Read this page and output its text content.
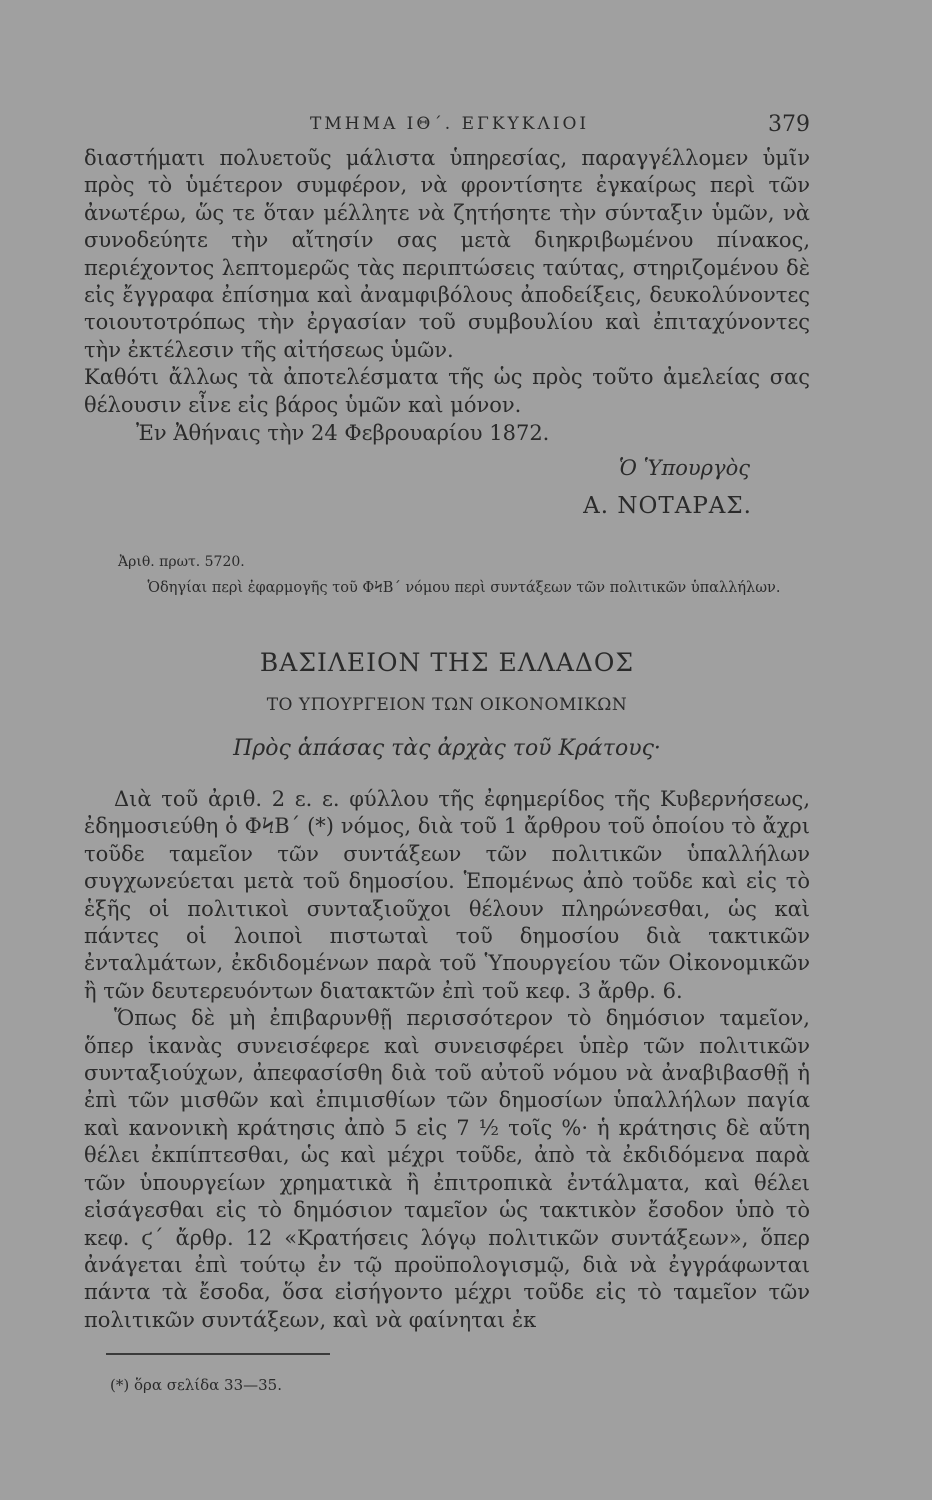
ΤΜΗΜΑ ΙΘ΄. ΕΓΚΥΚΛΙΟΙ	379

διαστήματι πολυετοῦς μάλιστα ὑπηρεσίας, παραγγέλλομεν ὑμῖν πρὸς τὸ ὑμέτερον συμφέρον, νὰ φροντίσητε ἐγκαίρως περὶ τῶν ἀνωτέρω, ὥς τε ὅταν μέλλητε νὰ ζητήσητε τὴν σύνταξιν ὑμῶν, νὰ συνοδεύητε τὴν αἴτησίν σας μετὰ διηκριβωμένου πίνακος, περιέχοντος λεπτομερῶς τὰς περιπτώσεις ταύτας, στηριζομένου δὲ εἰς ἔγγραφα ἐπίσημα καὶ ἀναμφιβόλους ἀποδείξεις, δευκολύνοντες τοιουτοτρόπως τὴν ἐργασίαν τοῦ συμβουλίου καὶ ἐπιταχύνοντες τὴν ἐκτέλεσιν τῆς αἰτήσεως ὑμῶν.

Καθότι ἄλλως τὰ ἀποτελέσματα τῆς ὡς πρὸς τοῦτο ἀμελείας σας θέλουσιν εἶνε εἰς βάρος ὑμῶν καὶ μόνον.

Ἐν Ἀθήναις τὴν 24 Φεβρουαρίου 1872.
Ὁ Ὑπουργὸς
Α. ΝΟΤΑΡΑΣ.
Ἀριθ. πρωτ. 5720.
Ὁδηγίαι περὶ ἐφαρμογῆς τοῦ ΦϞΒ΄ νόμου περὶ συντάξεων τῶν πολιτικῶν ὑπαλλήλων.
ΒΑΣΙΛΕΙΟΝ ΤΗΣ ΕΛΛΑΔΟΣ
ΤΟ ΥΠΟΥΡΓΕΙΟΝ ΤΩΝ ΟΙΚΟΝΟΜΙΚΩΝ
Πρὸς ἁπάσας τὰς ἀρχὰς τοῦ Κράτους·

Διὰ τοῦ ἀριθ. 2 ε. ε. φύλλου τῆς ἐφημερίδος τῆς Κυβερνήσεως, ἐδημοσιεύθη ὁ ΦϞΒ΄ (*) νόμος, διὰ τοῦ 1 ἄρθρου τοῦ ὁποίου τὸ ἄχρι τοῦδε ταμεῖον τῶν συντάξεων τῶν πολιτικῶν ὑπαλλήλων συγχωνεύεται μετὰ τοῦ δημοσίου. Ἑπομένως ἀπὸ τοῦδε καὶ εἰς τὸ ἑξῆς οἱ πολιτικοὶ συνταξιοῦχοι θέλουν πληρώνεσθαι, ὡς καὶ πάντες οἱ λοιποὶ πιστωταὶ τοῦ δημοσίου διὰ τακτικῶν ἐνταλμάτων, ἐκδιδομένων παρὰ τοῦ Ὑπουργείου τῶν Οἰκονομικῶν ἢ τῶν δευτερευόντων διατακτῶν ἐπὶ τοῦ κεφ. 3 ἄρθρ. 6.

Ὅπως δὲ μὴ ἐπιβαρυνθῇ περισσότερον τὸ δημόσιον ταμεῖον, ὅπερ ἱκανὰς συνεισέφερε καὶ συνεισφέρει ὑπὲρ τῶν πολιτικῶν συνταξιούχων, ἀπεφασίσθη διὰ τοῦ αὐτοῦ νόμου νὰ ἀναβιβασθῇ ἡ ἐπὶ τῶν μισθῶν καὶ ἐπιμισθίων τῶν δημοσίων ὑπαλλήλων παγία καὶ κανονικὴ κράτησις ἀπὸ 5 εἰς 7 ½ τοῖς %· ἡ κράτησις δὲ αὕτη θέλει ἐκπίπτεσθαι, ὡς καὶ μέχρι τοῦδε, ἀπὸ τὰ ἐκδιδόμενα παρὰ τῶν ὑπουργείων χρηματικὰ ἢ ἐπιτροπικὰ ἐντάλματα, καὶ θέλει εἰσάγεσθαι εἰς τὸ δημόσιον ταμεῖον ὡς τακτικὸν ἔσοδον ὑπὸ τὸ κεφ. ϛ΄ ἄρθρ. 12 «Κρατήσεις λόγῳ πολιτικῶν συντάξεων», ὅπερ ἀνάγεται ἐπὶ τούτῳ ἐν τῷ προϋπολογισμῷ, διὰ νὰ ἐγγράφωνται πάντα τὰ ἔσοδα, ὅσα εἰσήγοντο μέχρι τοῦδε εἰς τὸ ταμεῖον τῶν πολιτικῶν συντάξεων, καὶ νὰ φαίνηται ἐκ

(*) ὅρα σελίδα 33—35.
